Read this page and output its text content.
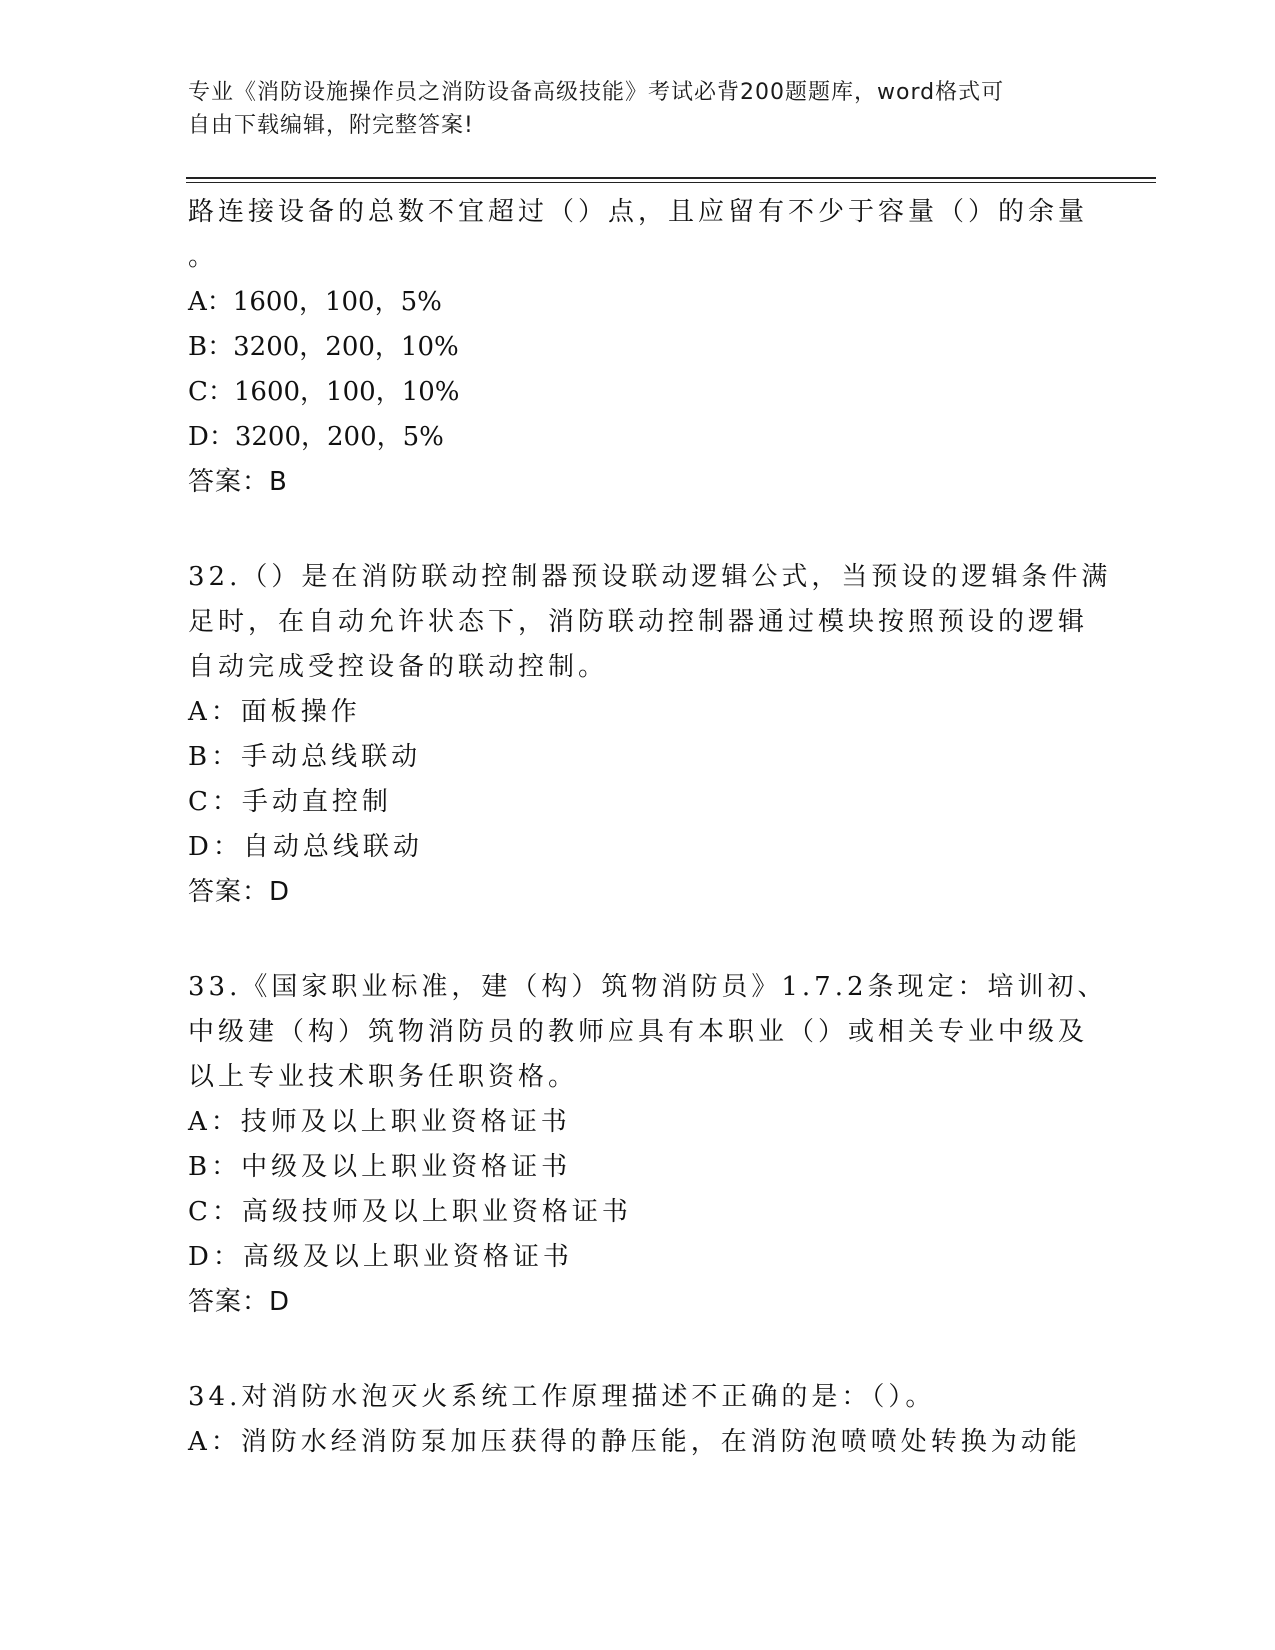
专业《消防设施操作员之消防设备高级技能》考试必背200题题库，word格式可
自由下载编辑，附完整答案!
路连接设备的总数不宜超过（）点，且应留有不少于容量（）的余量
。
A：1600，100，5%
B：3200，200，10%
C：1600，100，10%
D：3200，200，5%
答案：B
32.（）是在消防联动控制器预设联动逻辑公式，当预设的逻辑条件满
足时，在自动允许状态下，消防联动控制器通过模块按照预设的逻辑
自动完成受控设备的联动控制。
A：面板操作
B：手动总线联动
C：手动直控制
D：自动总线联动
答案：D
33.《国家职业标准，建（构）筑物消防员》1.7.2条现定：培训初、
中级建（构）筑物消防员的教师应具有本职业（）或相关专业中级及
以上专业技术职务任职资格。
A：技师及以上职业资格证书
B：中级及以上职业资格证书
C：高级技师及以上职业资格证书
D：高级及以上职业资格证书
答案：D
34.对消防水泡灭火系统工作原理描述不正确的是：（）。
A：消防水经消防泵加压获得的静压能，在消防泡喷喷处转换为动能
